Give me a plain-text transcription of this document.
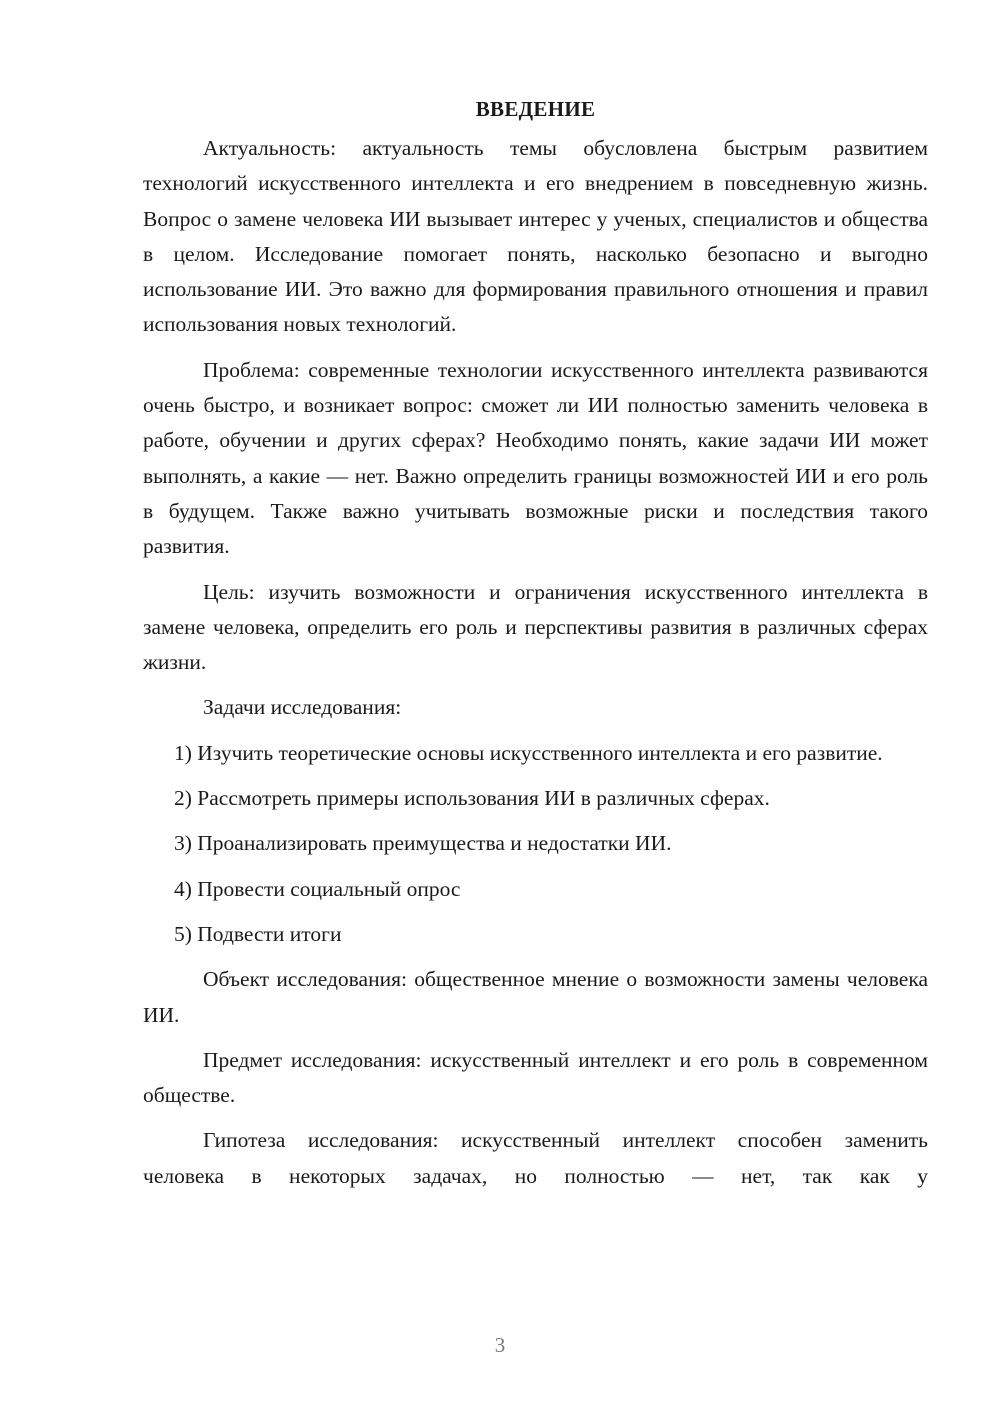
ВВЕДЕНИЕ

Актуальность: актуальность темы обусловлена быстрым развитием технологий искусственного интеллекта и его внедрением в повседневную жизнь. Вопрос о замене человека ИИ вызывает интерес у ученых, специалистов и общества в целом. Исследование помогает понять, насколько безопасно и выгодно использование ИИ. Это важно для формирования правильного отношения и правил использования новых технологий.

Проблема: современные технологии искусственного интеллекта развиваются очень быстро, и возникает вопрос: сможет ли ИИ полностью заменить человека в работе, обучении и других сферах? Необходимо понять, какие задачи ИИ может выполнять, а какие — нет. Важно определить границы возможностей ИИ и его роль в будущем. Также важно учитывать возможные риски и последствия такого развития.

Цель: изучить возможности и ограничения искусственного интеллекта в замене человека, определить его роль и перспективы развития в различных сферах жизни.

Задачи исследования:

1) Изучить теоретические основы искусственного интеллекта и его развитие.

2) Рассмотреть примеры использования ИИ в различных сферах.

3) Проанализировать преимущества и недостатки ИИ.

4) Провести социальный опрос

5) Подвести итоги

Объект исследования: общественное мнение о возможности замены человека ИИ.

Предмет исследования: искусственный интеллект и его роль в современном обществе.

Гипотеза исследования: искусственный интеллект способен заменить человека в некоторых задачах, но полностью — нет, так как у

3
